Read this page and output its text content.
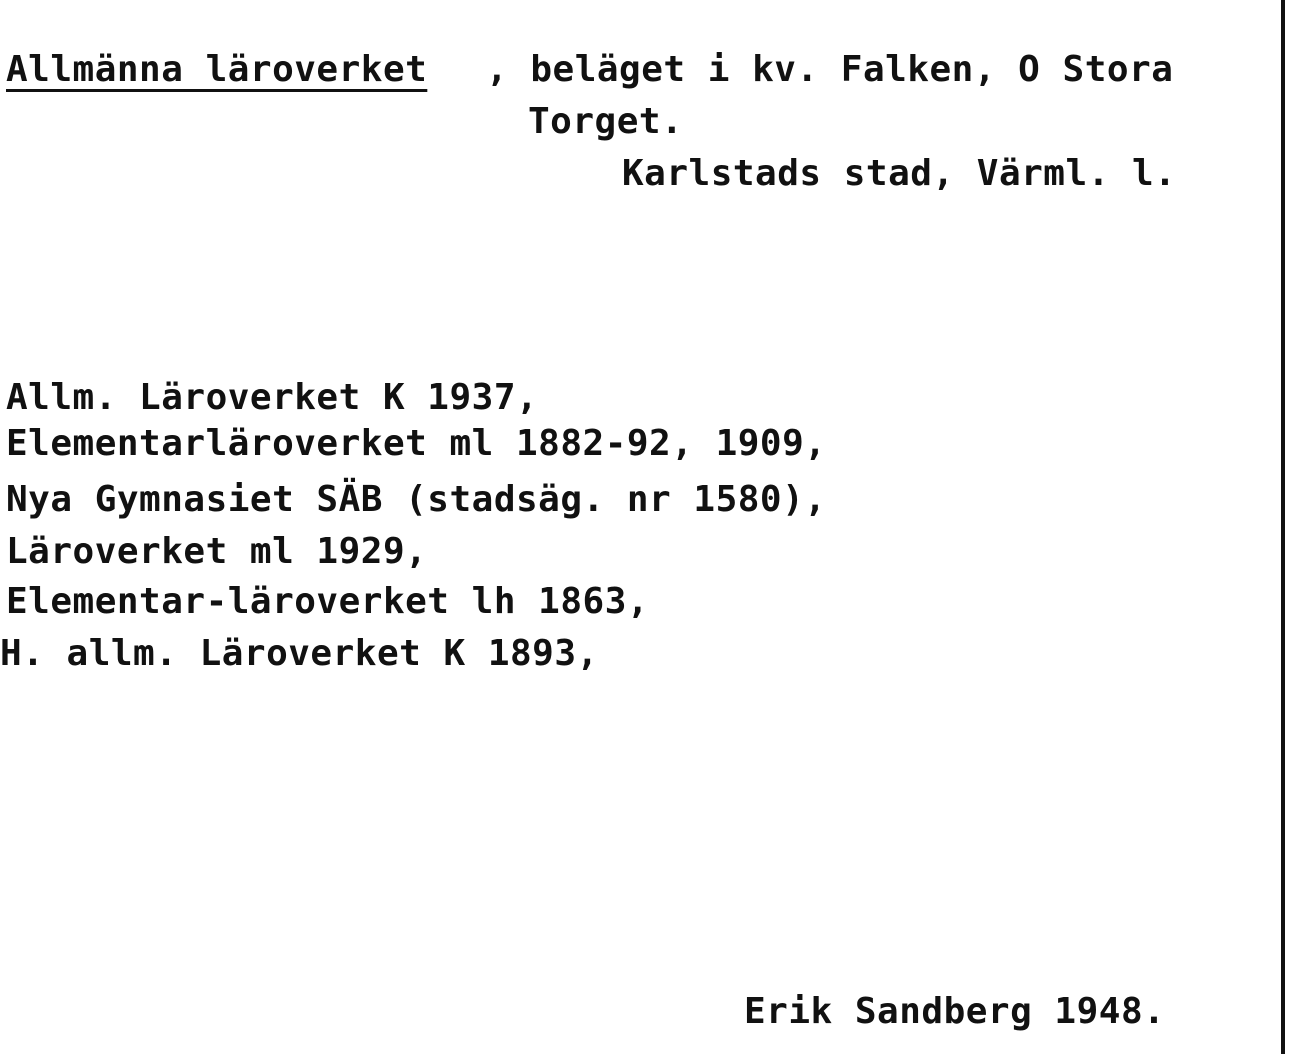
Allmänna läroverket , beläget i kv. Falken, O Stora
Torget.
Karlstads stad, Värml. l.
Allm. Läroverket K 1937,
Elementarläroverket ml 1882-92, 1909,
Nya Gymnasiet SÄB (stadsäg. nr 1580),
Läroverket ml 1929,
Elementar-läroverket lh 1863,
H. allm. Läroverket K 1893,
Erik Sandberg 1948.
